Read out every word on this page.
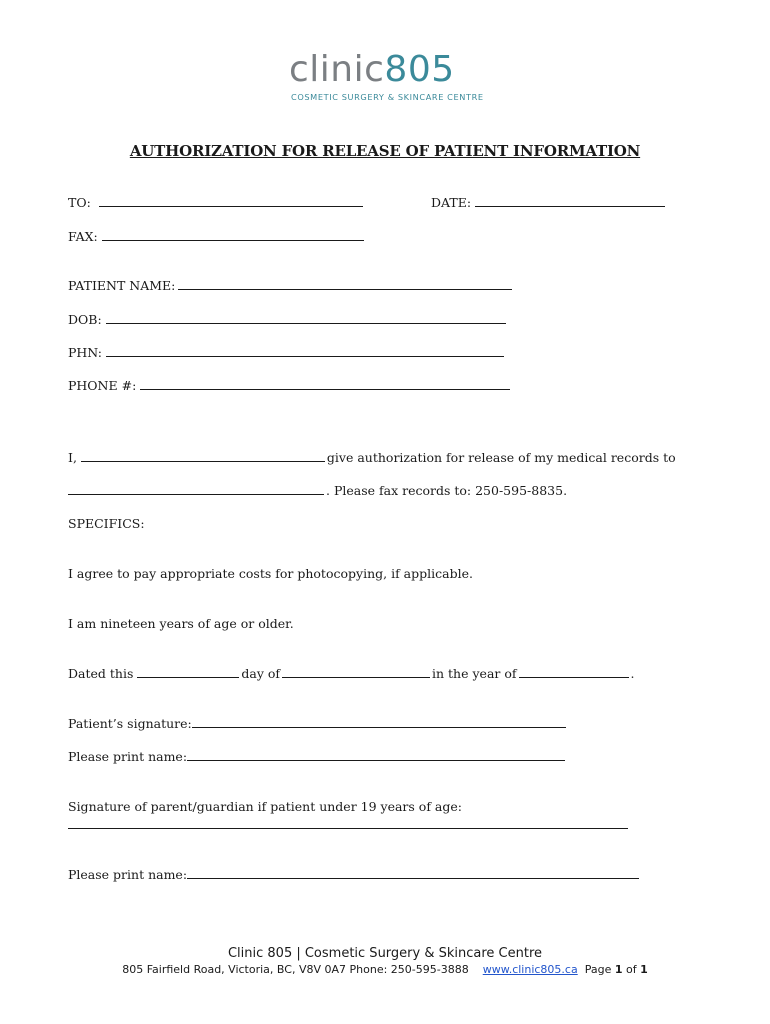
clinic805
COSMETIC SURGERY & SKINCARE CENTRE
AUTHORIZATION FOR RELEASE OF PATIENT INFORMATION
TO:	DATE:
FAX:
PATIENT NAME:
DOB:
PHN:
PHONE #:
I,	give authorization for release of my medical records to
. Please fax records to: 250-595-8835.
SPECIFICS:
I agree to pay appropriate costs for photocopying, if applicable.
I am nineteen years of age or older.
Dated this	day of	in the year of	.
Patient’s signature:
Please print name:
Signature of parent/guardian if patient under 19 years of age:
Please print name:
Clinic 805 | Cosmetic Surgery & Skincare Centre
805 Fairfield Road, Victoria, BC, V8V 0A7 Phone: 250-595-3888 www.clinic805.ca Page 1 of 1
